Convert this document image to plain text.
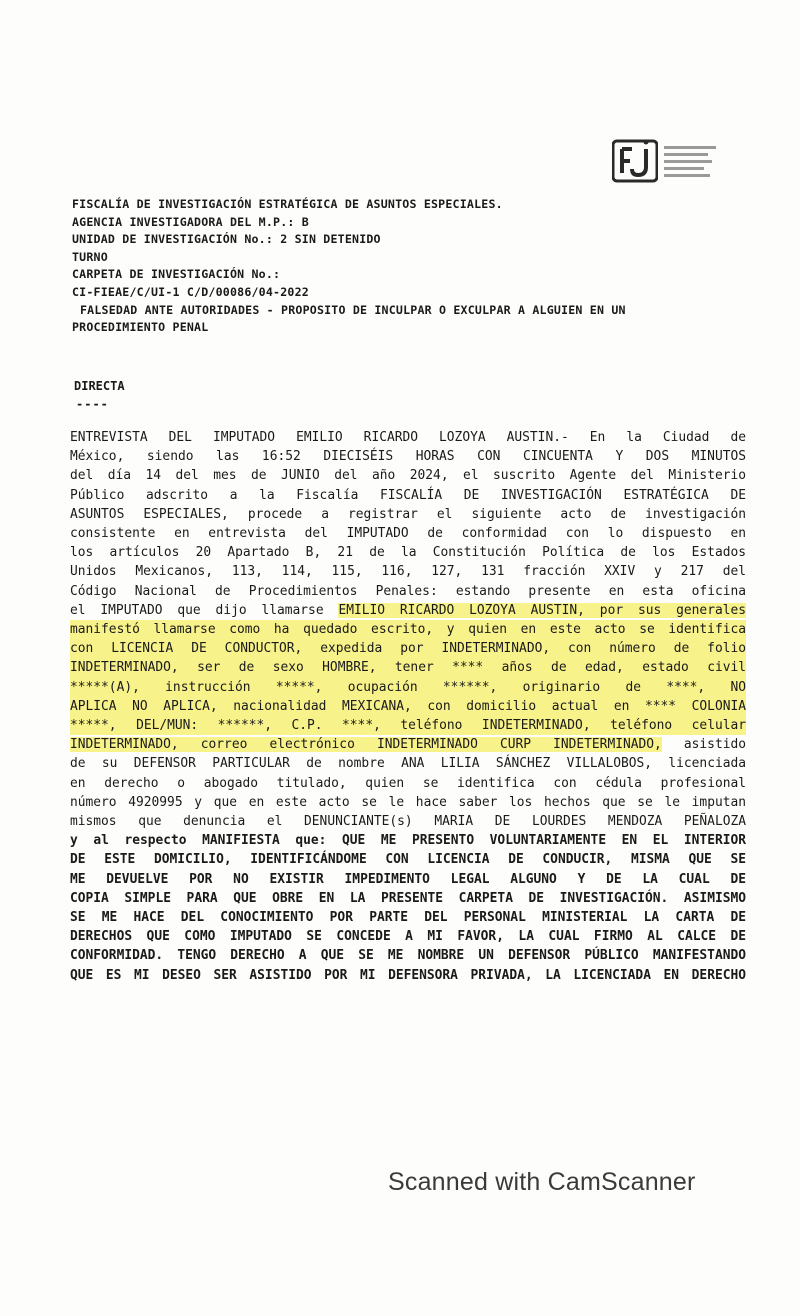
FISCALÍA DE INVESTIGACIÓN ESTRATÉGICA DE ASUNTOS ESPECIALES.
AGENCIA INVESTIGADORA DEL M.P.: B
UNIDAD DE INVESTIGACIÓN No.: 2 SIN DETENIDO
TURNO
CARPETA DE INVESTIGACIÓN No.:
CI-FIEAE/C/UI-1 C/D/00086/04-2022
FALSEDAD ANTE AUTORIDADES - PROPOSITO DE INCULPAR O EXCULPAR A ALGUIEN EN UN
PROCEDIMIENTO PENAL
DIRECTA
----
ENTREVISTA DEL IMPUTADO EMILIO RICARDO LOZOYA AUSTIN.- En la Ciudad de
México, siendo las 16:52 DIECISÉIS HORAS CON CINCUENTA Y DOS MINUTOS
del día 14 del mes de JUNIO del año 2024, el suscrito Agente del Ministerio
Público adscrito a la Fiscalía FISCALÍA DE INVESTIGACIÓN ESTRATÉGICA DE
ASUNTOS ESPECIALES, procede a registrar el siguiente acto de investigación
consistente en entrevista del IMPUTADO de conformidad con lo dispuesto en
los artículos 20 Apartado B, 21 de la Constitución Política de los Estados
Unidos Mexicanos, 113, 114, 115, 116, 127, 131 fracción XXIV y 217 del
Código Nacional de Procedimientos Penales: estando presente en esta oficina
el IMPUTADO que dijo llamarse EMILIO RICARDO LOZOYA AUSTIN, por sus generales
manifestó llamarse como ha quedado escrito, y quien en este acto se identifica
con LICENCIA DE CONDUCTOR, expedida por INDETERMINADO, con número de folio
INDETERMINADO, ser de sexo HOMBRE, tener **** años de edad, estado civil
*****(A), instrucción *****, ocupación ******, originario de ****, NO
APLICA NO APLICA, nacionalidad MEXICANA, con domicilio actual en **** COLONIA
*****, DEL/MUN: ******, C.P. ****, teléfono INDETERMINADO, teléfono celular
INDETERMINADO, correo electrónico INDETERMINADO CURP INDETERMINADO, asistido
de su DEFENSOR PARTICULAR de nombre ANA LILIA SÁNCHEZ VILLALOBOS, licenciada
en derecho o abogado titulado, quien se identifica con cédula profesional
número 4920995 y que en este acto se le hace saber los hechos que se le imputan
mismos que denuncia el DENUNCIANTE(s) MARIA DE LOURDES MENDOZA PEÑALOZA
y al respecto MANIFIESTA que: QUE ME PRESENTO VOLUNTARIAMENTE EN EL INTERIOR
DE ESTE DOMICILIO, IDENTIFICÁNDOME CON LICENCIA DE CONDUCIR, MISMA QUE SE
ME DEVUELVE POR NO EXISTIR IMPEDIMENTO LEGAL ALGUNO Y DE LA CUAL DE
COPIA SIMPLE PARA QUE OBRE EN LA PRESENTE CARPETA DE INVESTIGACIÓN. ASIMISMO
SE ME HACE DEL CONOCIMIENTO POR PARTE DEL PERSONAL MINISTERIAL LA CARTA DE
DERECHOS QUE COMO IMPUTADO SE CONCEDE A MI FAVOR, LA CUAL FIRMO AL CALCE DE
CONFORMIDAD. TENGO DERECHO A QUE SE ME NOMBRE UN DEFENSOR PÚBLICO MANIFESTANDO
QUE ES MI DESEO SER ASISTIDO POR MI DEFENSORA PRIVADA, LA LICENCIADA EN DERECHO
Scanned with CamScanner
